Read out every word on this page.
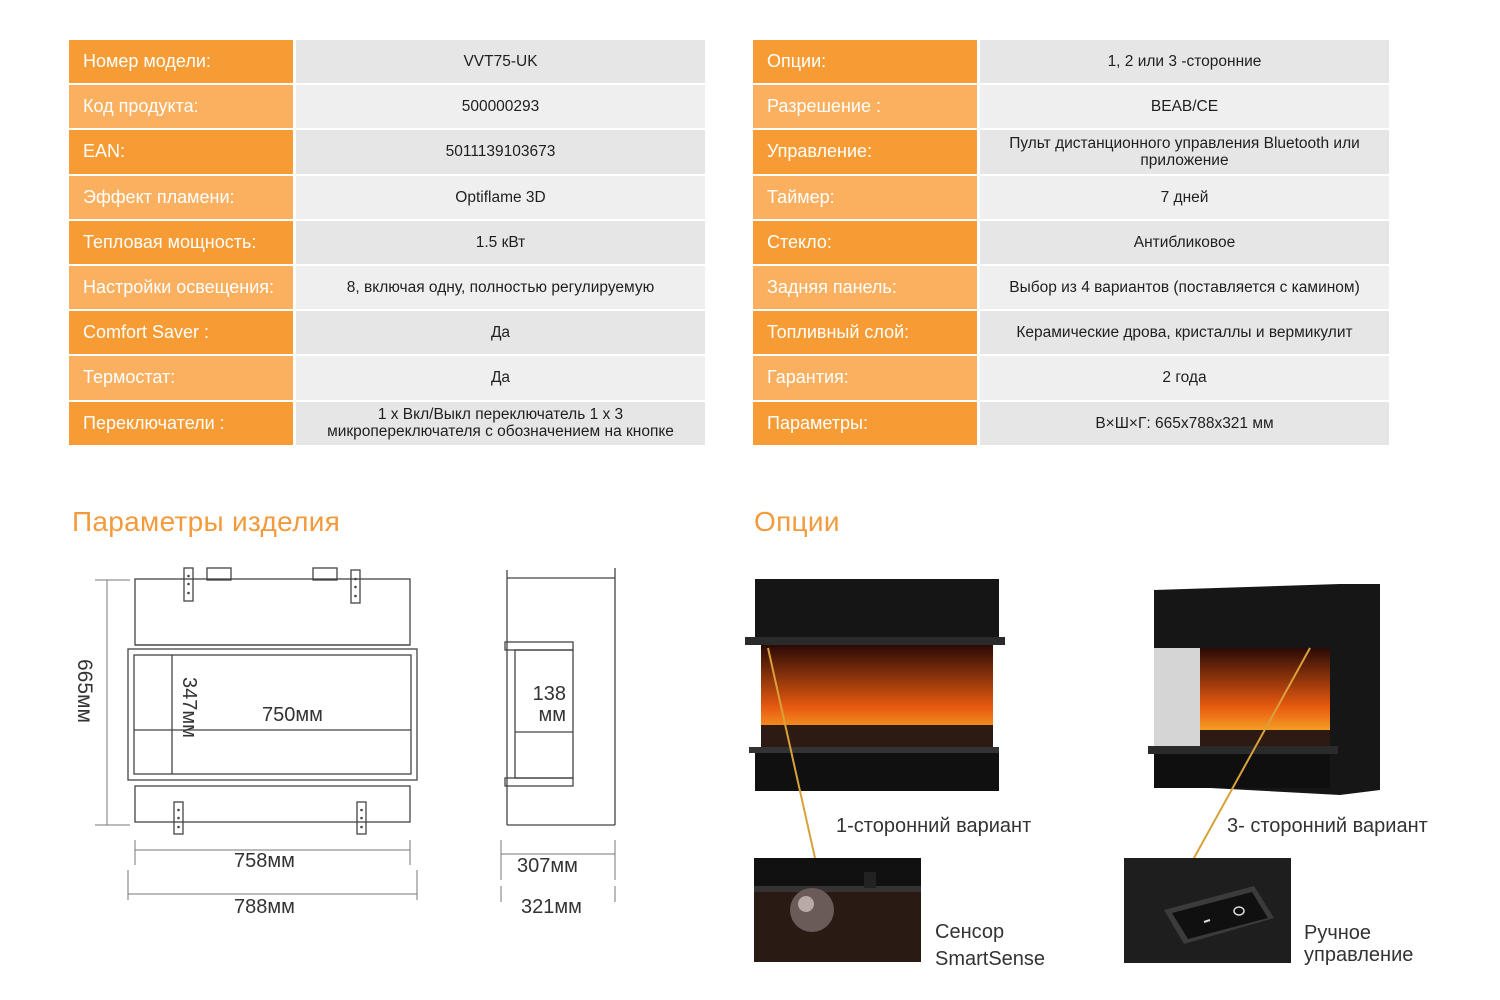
Номер модели:	VVT75-UK
Код продукта:	500000293
EAN:	5011139103673
Эффект пламени:	Optiflame 3D
Тепловая мощность:	1.5 кВт
Настройки освещения:	8, включая одну, полностью регулируемую
Comfort Saver :	Да
Термостат:	Да
Переключатели :	1 x Вкл/Выкл переключатель 1 x 3 микропереключателя с обозначением на кнопке
Опции:	1, 2 или 3 -сторонние
Разрешение :	BEAB/CE
Управление:	Пульт дистанционного управления Bluetooth или приложение
Таймер:	7 дней
Стекло:	Антибликовое
Задняя панель:	Выбор из 4 вариантов (поставляется с камином)
Топливный слой:	Керамические дрова, кристаллы и вермикулит
Гарантия:	2 года
Параметры:	В×Ш×Г: 665x788x321 мм
Параметры изделия	Опции
665мм	347мм	750мм
138 мм
758мм
788мм
307мм
321мм
1-сторонний вариант	3- сторонний вариант
Сенсор
SmartSense
Ручное
управление
